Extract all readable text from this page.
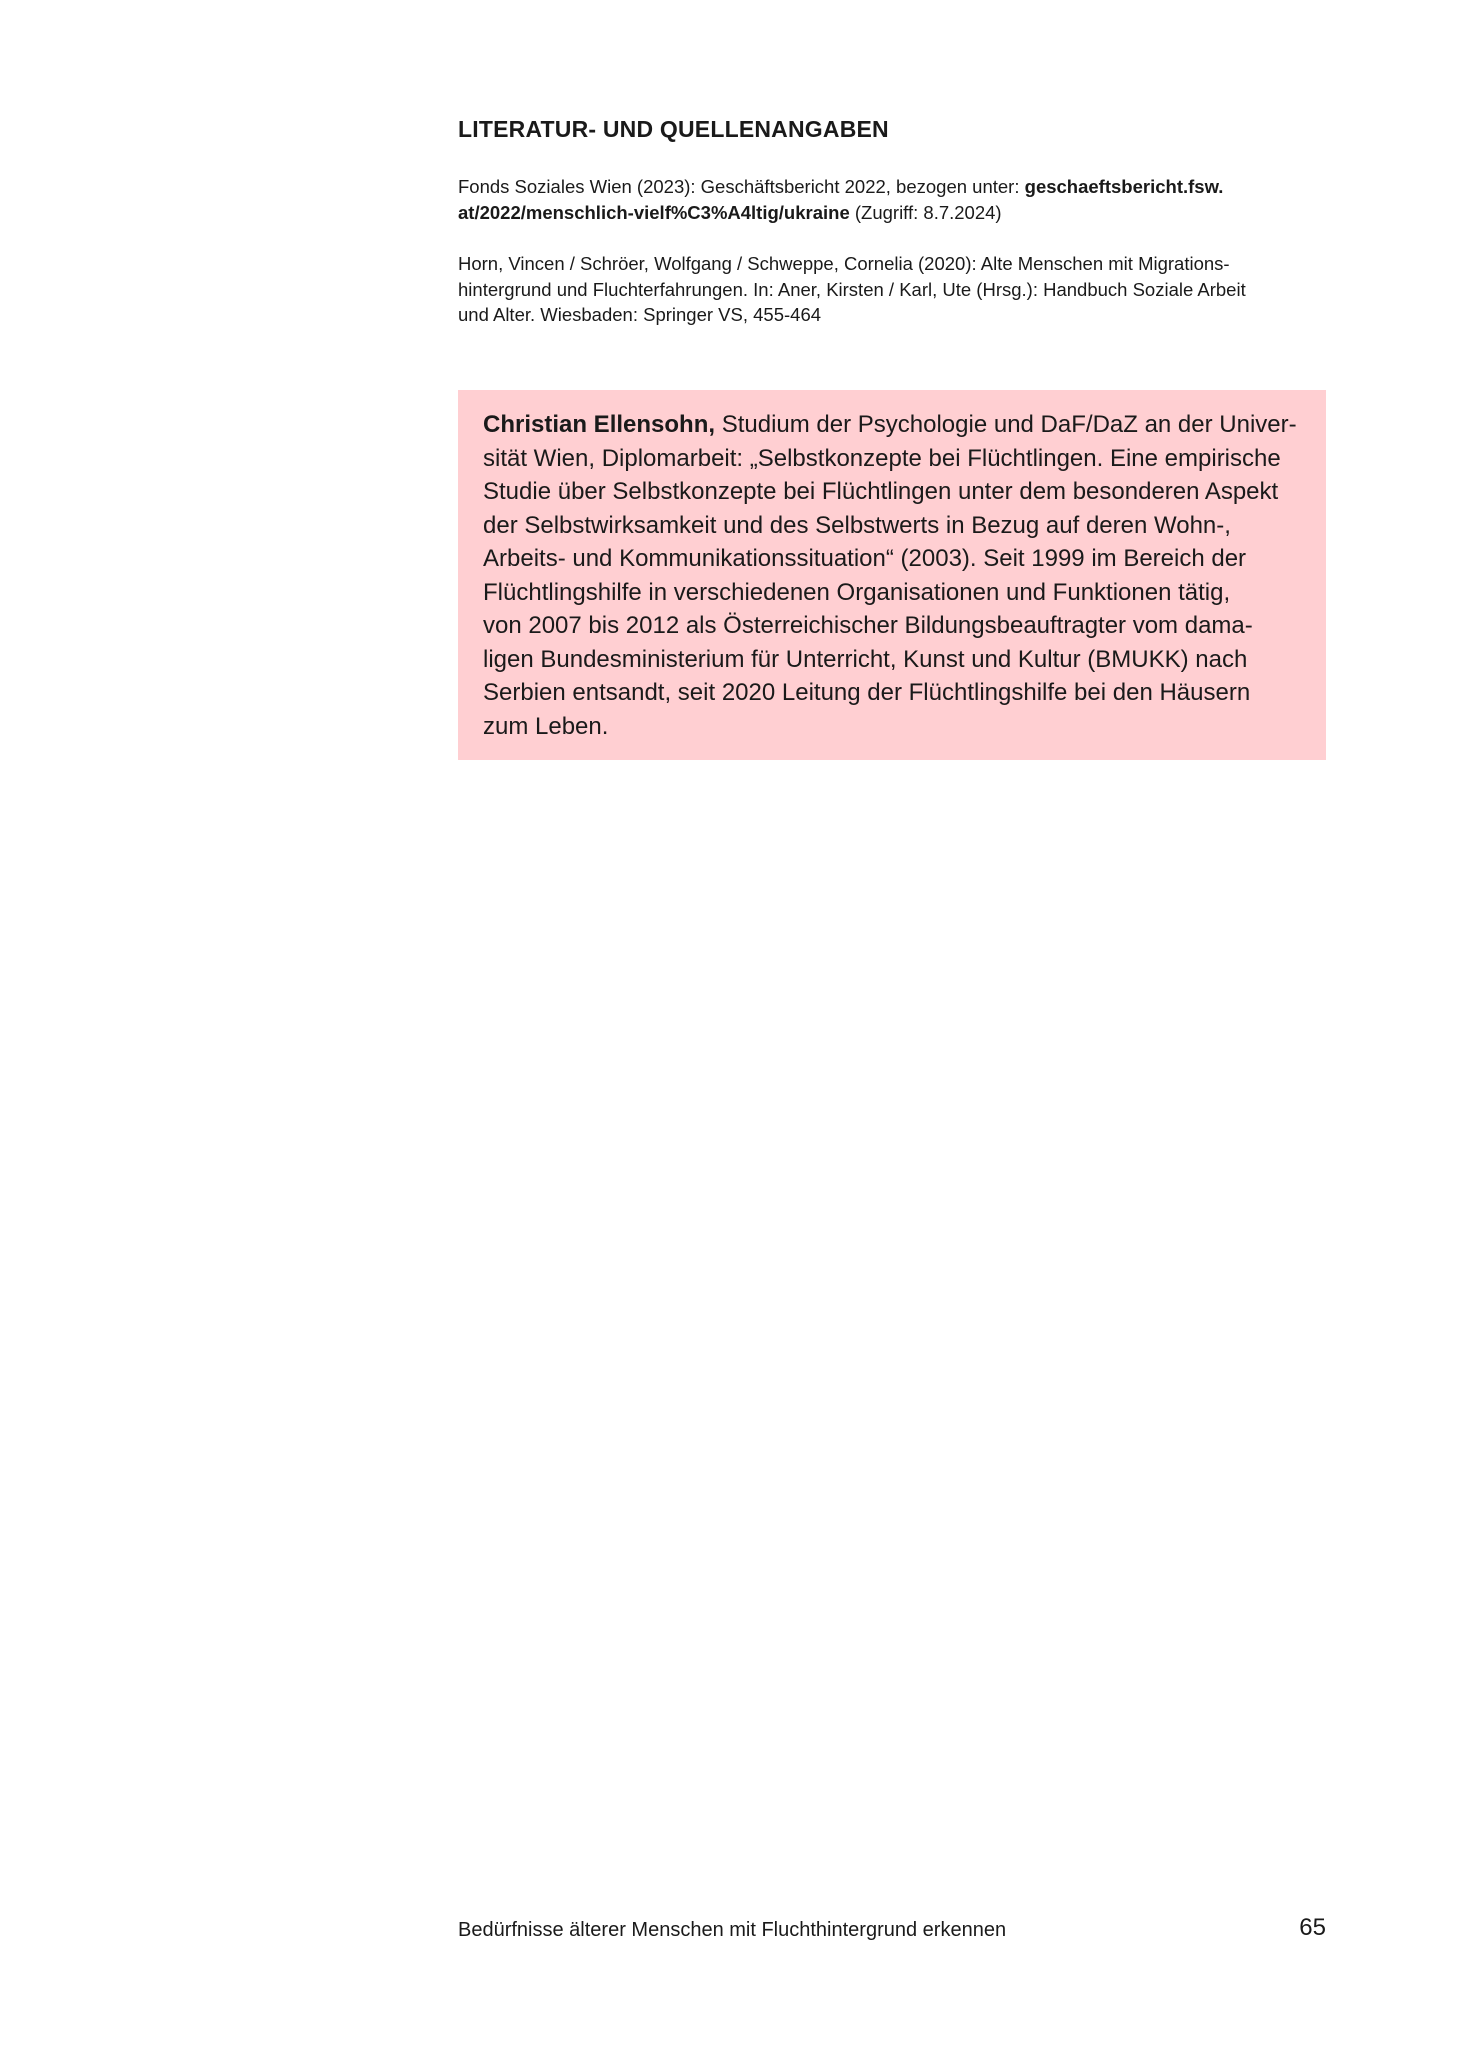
LITERATUR- UND QUELLENANGABEN

Fonds Soziales Wien (2023): Geschäftsbericht 2022, bezogen unter: geschaeftsbericht.fsw.
at/2022/menschlich-vielf%C3%A4ltig/ukraine (Zugriff: 8.7.2024)

Horn, Vincen / Schröer, Wolfgang / Schweppe, Cornelia (2020): Alte Menschen mit Migrations-
hintergrund und Fluchterfahrungen. In: Aner, Kirsten / Karl, Ute (Hrsg.): Handbuch Soziale Arbeit
und Alter. Wiesbaden: Springer VS, 455-464

Christian Ellensohn, Studium der Psychologie und DaF/DaZ an der Univer-
sität Wien, Diplomarbeit: „Selbstkonzepte bei Flüchtlingen. Eine empirische
Studie über Selbstkonzepte bei Flüchtlingen unter dem besonderen Aspekt
der Selbstwirksamkeit und des Selbstwerts in Bezug auf deren Wohn-,
Arbeits- und Kommunikationssituation“ (2003). Seit 1999 im Bereich der
Flüchtlingshilfe in verschiedenen Organisationen und Funktionen tätig,
von 2007 bis 2012 als Österreichischer Bildungsbeauftragter vom dama-
ligen Bundesministerium für Unterricht, Kunst und Kultur (BMUKK) nach
Serbien entsandt, seit 2020 Leitung der Flüchtlingshilfe bei den Häusern
zum Leben.

Bedürfnisse älterer Menschen mit Fluchthintergrund erkennen	65
